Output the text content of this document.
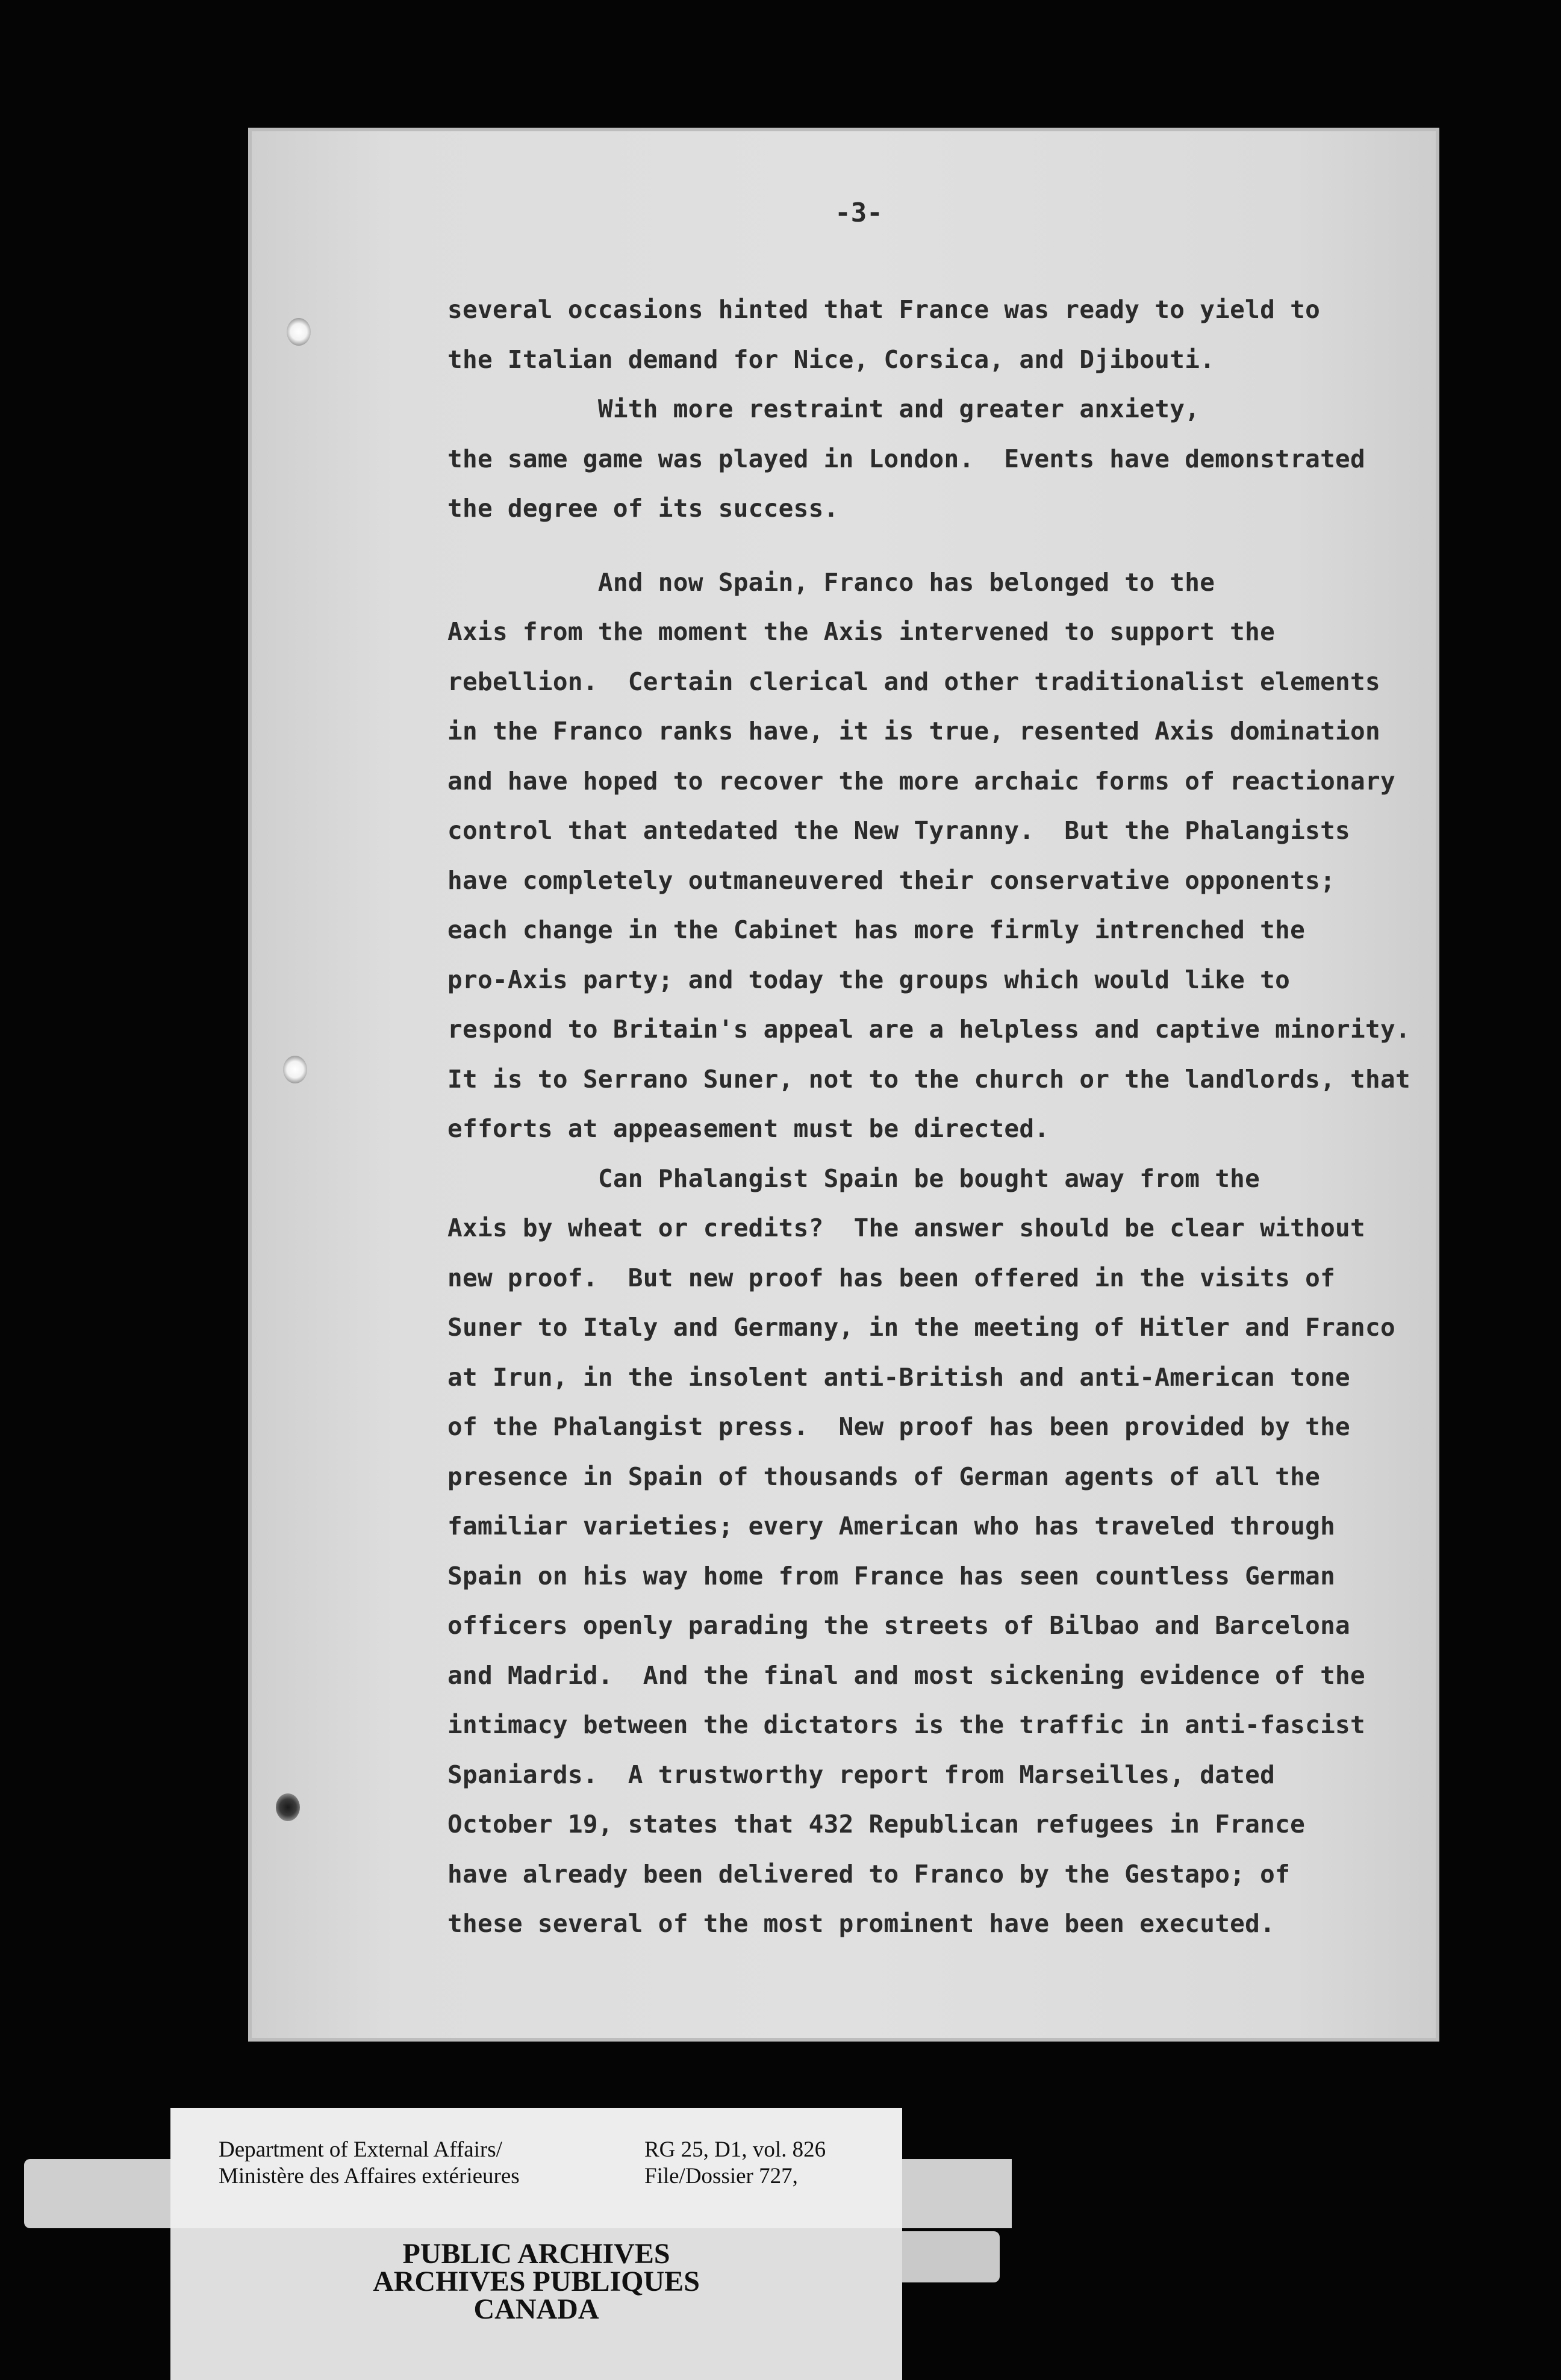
-3-
several occasions hinted that France was ready to yield to
the Italian demand for Nice, Corsica, and Djibouti.
With more restraint and greater anxiety,
the same game was played in London.  Events have demonstrated
the degree of its success.
And now Spain, Franco has belonged to the
Axis from the moment the Axis intervened to support the
rebellion.  Certain clerical and other traditionalist elements
in the Franco ranks have, it is true, resented Axis domination
and have hoped to recover the more archaic forms of reactionary
control that antedated the New Tyranny.  But the Phalangists
have completely outmaneuvered their conservative opponents;
each change in the Cabinet has more firmly intrenched the
pro-Axis party; and today the groups which would like to
respond to Britain's appeal are a helpless and captive minority.
It is to Serrano Suner, not to the church or the landlords, that
efforts at appeasement must be directed.
Can Phalangist Spain be bought away from the
Axis by wheat or credits?  The answer should be clear without
new proof.  But new proof has been offered in the visits of
Suner to Italy and Germany, in the meeting of Hitler and Franco
at Irun, in the insolent anti-British and anti-American tone
of the Phalangist press.  New proof has been provided by the
presence in Spain of thousands of German agents of all the
familiar varieties; every American who has traveled through
Spain on his way home from France has seen countless German
officers openly parading the streets of Bilbao and Barcelona
and Madrid.  And the final and most sickening evidence of the
intimacy between the dictators is the traffic in anti-fascist
Spaniards.  A trustworthy report from Marseilles, dated
October 19, states that 432 Republican refugees in France
have already been delivered to Franco by the Gestapo; of
these several of the most prominent have been executed.
Department of External Affairs/
Ministère des Affaires extérieures
RG 25, D1, vol. 826
File/Dossier 727,
PUBLIC ARCHIVES
ARCHIVES PUBLIQUES
CANADA
